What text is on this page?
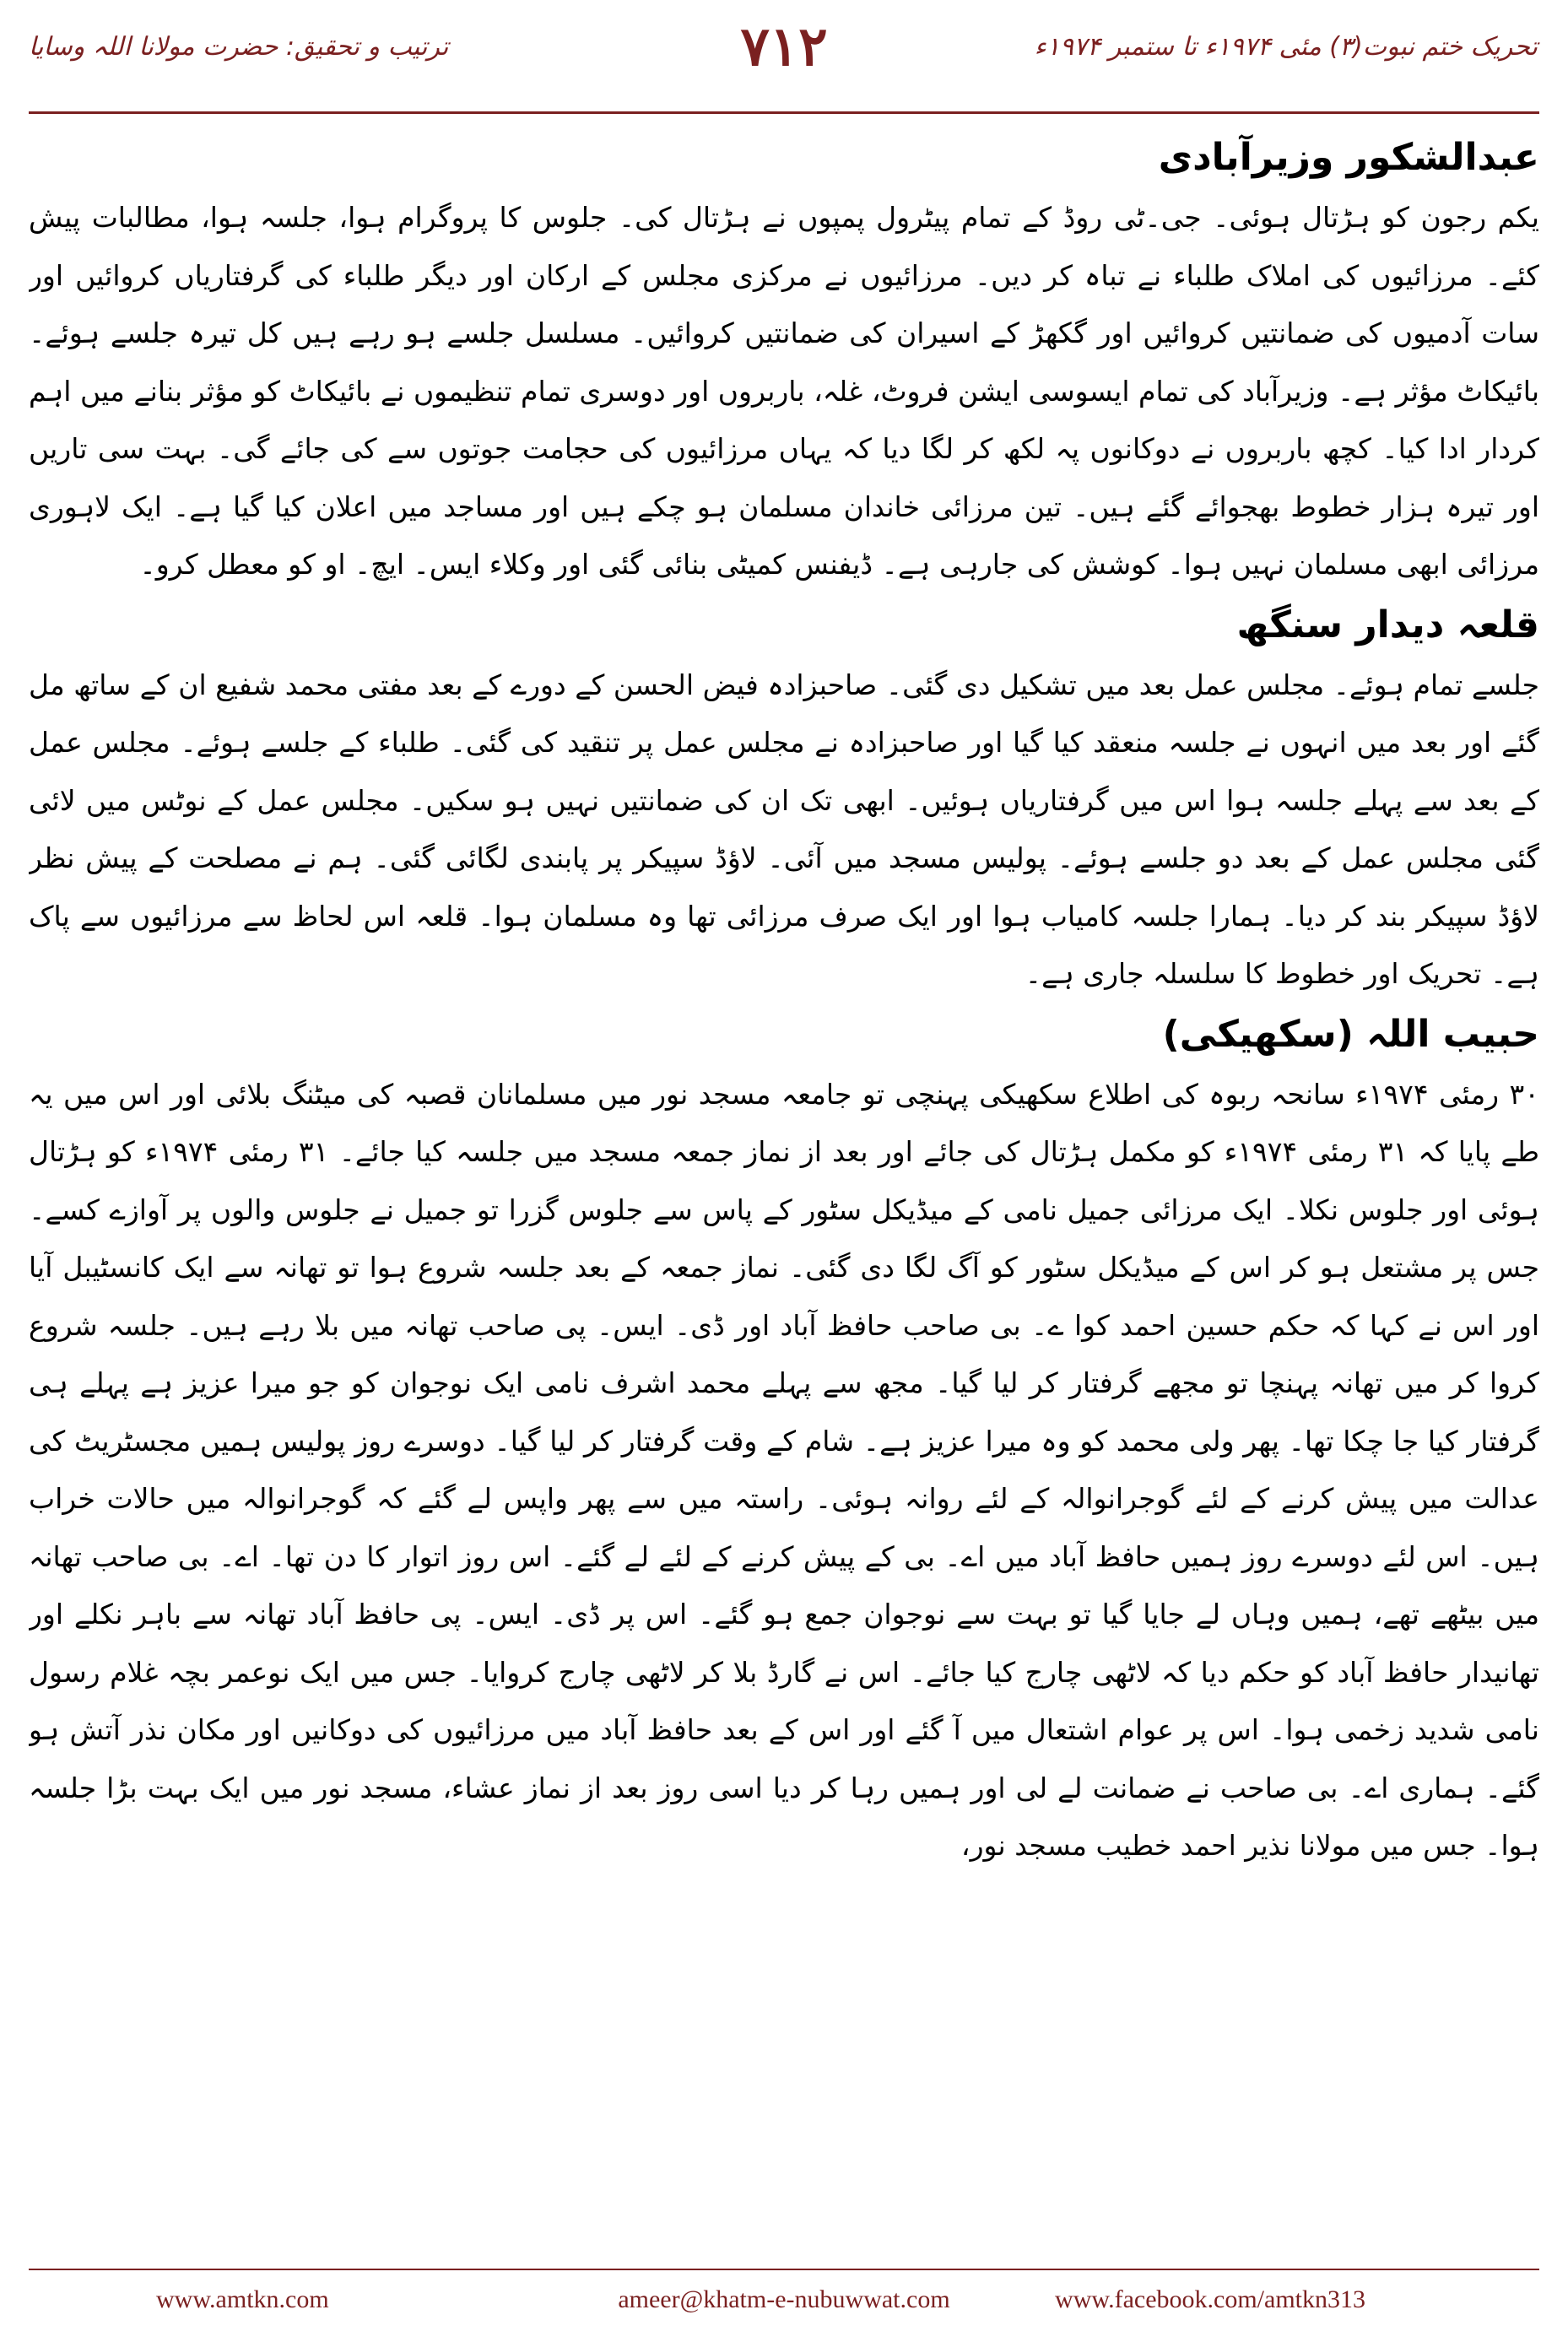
تحریک ختم نبوت(۳) مئی ۱۹۷۴ء تا ستمبر ۱۹۷۴ء
۷۱۲
ترتیب و تحقیق: حضرت مولانا اللہ وسایا
عبدالشکور وزیرآبادی

یکم رجون کو ہڑتال ہوئی۔ جی۔ٹی روڈ کے تمام پیٹرول پمپوں نے ہڑتال کی۔ جلوس کا پروگرام ہوا، جلسہ ہوا، مطالبات پیش کئے۔ مرزائیوں کی املاک طلباء نے تباہ کر دیں۔ مرزائیوں نے مرکزی مجلس کے ارکان اور دیگر طلباء کی گرفتاریاں کروائیں اور سات آدمیوں کی ضمانتیں کروائیں اور گکھڑ کے اسیران کی ضمانتیں کروائیں۔ مسلسل جلسے ہو رہے ہیں کل تیرہ جلسے ہوئے۔ بائیکاٹ مؤثر ہے۔ وزیرآباد کی تمام ایسوسی ایشن فروٹ، غلہ، باربروں اور دوسری تمام تنظیموں نے بائیکاٹ کو مؤثر بنانے میں اہم کردار ادا کیا۔ کچھ باربروں نے دوکانوں پہ لکھ کر لگا دیا کہ یہاں مرزائیوں کی حجامت جوتوں سے کی جائے گی۔ بہت سی تاریں اور تیرہ ہزار خطوط بھجوائے گئے ہیں۔ تین مرزائی خاندان مسلمان ہو چکے ہیں اور مساجد میں اعلان کیا گیا ہے۔ ایک لاہوری مرزائی ابھی مسلمان نہیں ہوا۔ کوشش کی جارہی ہے۔ ڈیفنس کمیٹی بنائی گئی اور وکلاء ایس۔ ایچ۔ او کو معطل کرو۔

قلعہ دیدار سنگھ

جلسے تمام ہوئے۔ مجلس عمل بعد میں تشکیل دی گئی۔ صاحبزادہ فیض الحسن کے دورے کے بعد مفتی محمد شفیع ان کے ساتھ مل گئے اور بعد میں انہوں نے جلسہ منعقد کیا گیا اور صاحبزادہ نے مجلس عمل پر تنقید کی گئی۔ طلباء کے جلسے ہوئے۔ مجلس عمل کے بعد سے پہلے جلسہ ہوا اس میں گرفتاریاں ہوئیں۔ ابھی تک ان کی ضمانتیں نہیں ہو سکیں۔ مجلس عمل کے نوٹس میں لائی گئی مجلس عمل کے بعد دو جلسے ہوئے۔ پولیس مسجد میں آئی۔ لاؤڈ سپیکر پر پابندی لگائی گئی۔ ہم نے مصلحت کے پیش نظر لاؤڈ سپیکر بند کر دیا۔ ہمارا جلسہ کامیاب ہوا اور ایک صرف مرزائی تھا وہ مسلمان ہوا۔ قلعہ اس لحاظ سے مرزائیوں سے پاک ہے۔ تحریک اور خطوط کا سلسلہ جاری ہے۔

حبیب اللہ (سکھیکی)

۳۰ رمئی ۱۹۷۴ء سانحہ ربوہ کی اطلاع سکھیکی پہنچی تو جامعہ مسجد نور میں مسلمانان قصبہ کی میٹنگ بلائی اور اس میں یہ طے پایا کہ ۳۱ رمئی ۱۹۷۴ء کو مکمل ہڑتال کی جائے اور بعد از نماز جمعہ مسجد میں جلسہ کیا جائے۔ ۳۱ رمئی ۱۹۷۴ء کو ہڑتال ہوئی اور جلوس نکلا۔ ایک مرزائی جمیل نامی کے میڈیکل سٹور کے پاس سے جلوس گزرا تو جمیل نے جلوس والوں پر آوازے کسے۔ جس پر مشتعل ہو کر اس کے میڈیکل سٹور کو آگ لگا دی گئی۔ نماز جمعہ کے بعد جلسہ شروع ہوا تو تھانہ سے ایک کانسٹیبل آیا اور اس نے کہا کہ حکم حسین احمد کوا ے۔ بی صاحب حافظ آباد اور ڈی۔ ایس۔ پی صاحب تھانہ میں بلا رہے ہیں۔ جلسہ شروع کروا کر میں تھانہ پہنچا تو مجھے گرفتار کر لیا گیا۔ مجھ سے پہلے محمد اشرف نامی ایک نوجوان کو جو میرا عزیز ہے پہلے ہی گرفتار کیا جا چکا تھا۔ پھر ولی محمد کو وہ میرا عزیز ہے۔ شام کے وقت گرفتار کر لیا گیا۔ دوسرے روز پولیس ہمیں مجسٹریٹ کی عدالت میں پیش کرنے کے لئے گوجرانوالہ کے لئے روانہ ہوئی۔ راستہ میں سے پھر واپس لے گئے کہ گوجرانوالہ میں حالات خراب ہیں۔ اس لئے دوسرے روز ہمیں حافظ آباد میں اے۔ بی کے پیش کرنے کے لئے لے گئے۔ اس روز اتوار کا دن تھا۔ اے۔ بی صاحب تھانہ میں بیٹھے تھے، ہمیں وہاں لے جایا گیا تو بہت سے نوجوان جمع ہو گئے۔ اس پر ڈی۔ ایس۔ پی حافظ آباد تھانہ سے باہر نکلے اور تھانیدار حافظ آباد کو حکم دیا کہ لاٹھی چارج کیا جائے۔ اس نے گارڈ بلا کر لاٹھی چارج کروایا۔ جس میں ایک نوعمر بچہ غلام رسول نامی شدید زخمی ہوا۔ اس پر عوام اشتعال میں آ گئے اور اس کے بعد حافظ آباد میں مرزائیوں کی دوکانیں اور مکان نذر آتش ہو گئے۔ ہماری اے۔ بی صاحب نے ضمانت لے لی اور ہمیں رہا کر دیا اسی روز بعد از نماز عشاء، مسجد نور میں ایک بہت بڑا جلسہ ہوا۔ جس میں مولانا نذیر احمد خطیب مسجد نور،

www.amtkn.com	ameer@khatm-e-nubuwwat.com	www.facebook.com/amtkn313
